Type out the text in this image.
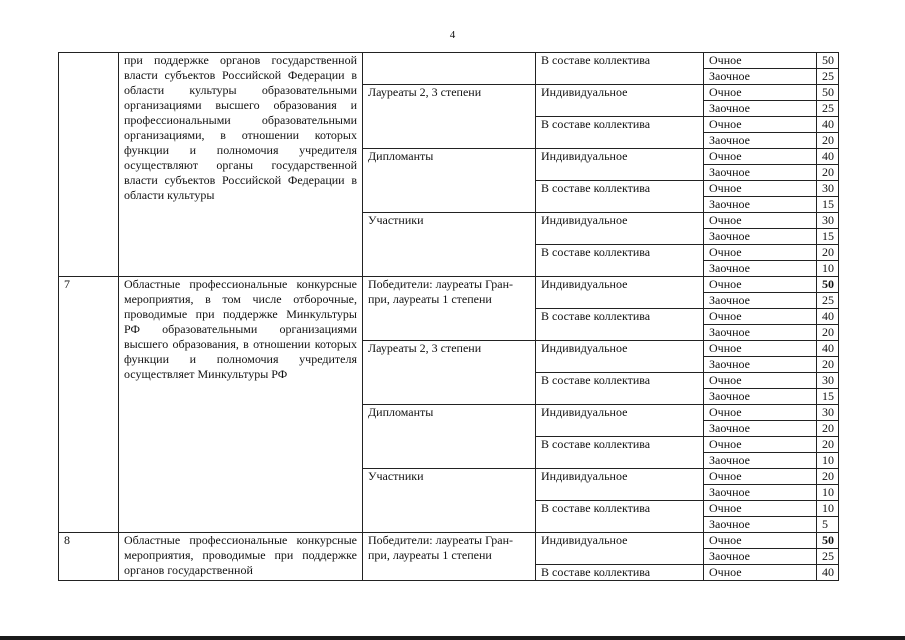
4
	при поддержке органов государственной власти субъектов Российской Федерации в области культуры образовательными организациями высшего образования и профессиональными образовательными организациями, в отношении которых функции и полномочия учредителя осуществляют органы государственной власти субъектов Российской Федерации в области культуры		В составе коллектива	Очное	50
				Заочное	25
		Лауреаты 2, 3 степени	Индивидуальное	Очное	50
				Заочное	25
			В составе коллектива	Очное	40
				Заочное	20
		Дипломанты	Индивидуальное	Очное	40
				Заочное	20
			В составе коллектива	Очное	30
				Заочное	15
		Участники	Индивидуальное	Очное	30
				Заочное	15
			В составе коллектива	Очное	20
				Заочное	10
7	Областные профессиональные конкурсные мероприятия, в том числе отборочные, проводимые при поддержке Минкультуры РФ образовательными организациями высшего образования, в отношении которых функции и полномочия учредителя осуществляет Минкультуры РФ	Победители: лауреаты Гран-при, лауреаты 1 степени	Индивидуальное	Очное	50
				Заочное	25
			В составе коллектива	Очное	40
				Заочное	20
		Лауреаты 2, 3 степени	Индивидуальное	Очное	40
				Заочное	20
			В составе коллектива	Очное	30
				Заочное	15
		Дипломанты	Индивидуальное	Очное	30
				Заочное	20
			В составе коллектива	Очное	20
				Заочное	10
		Участники	Индивидуальное	Очное	20
				Заочное	10
			В составе коллектива	Очное	10
				Заочное	5
8	Областные профессиональные конкурсные мероприятия, проводимые при поддержке органов государственной	Победители: лауреаты Гран-при, лауреаты 1 степени	Индивидуальное	Очное	50
				Заочное	25
			В составе коллектива	Очное	40
